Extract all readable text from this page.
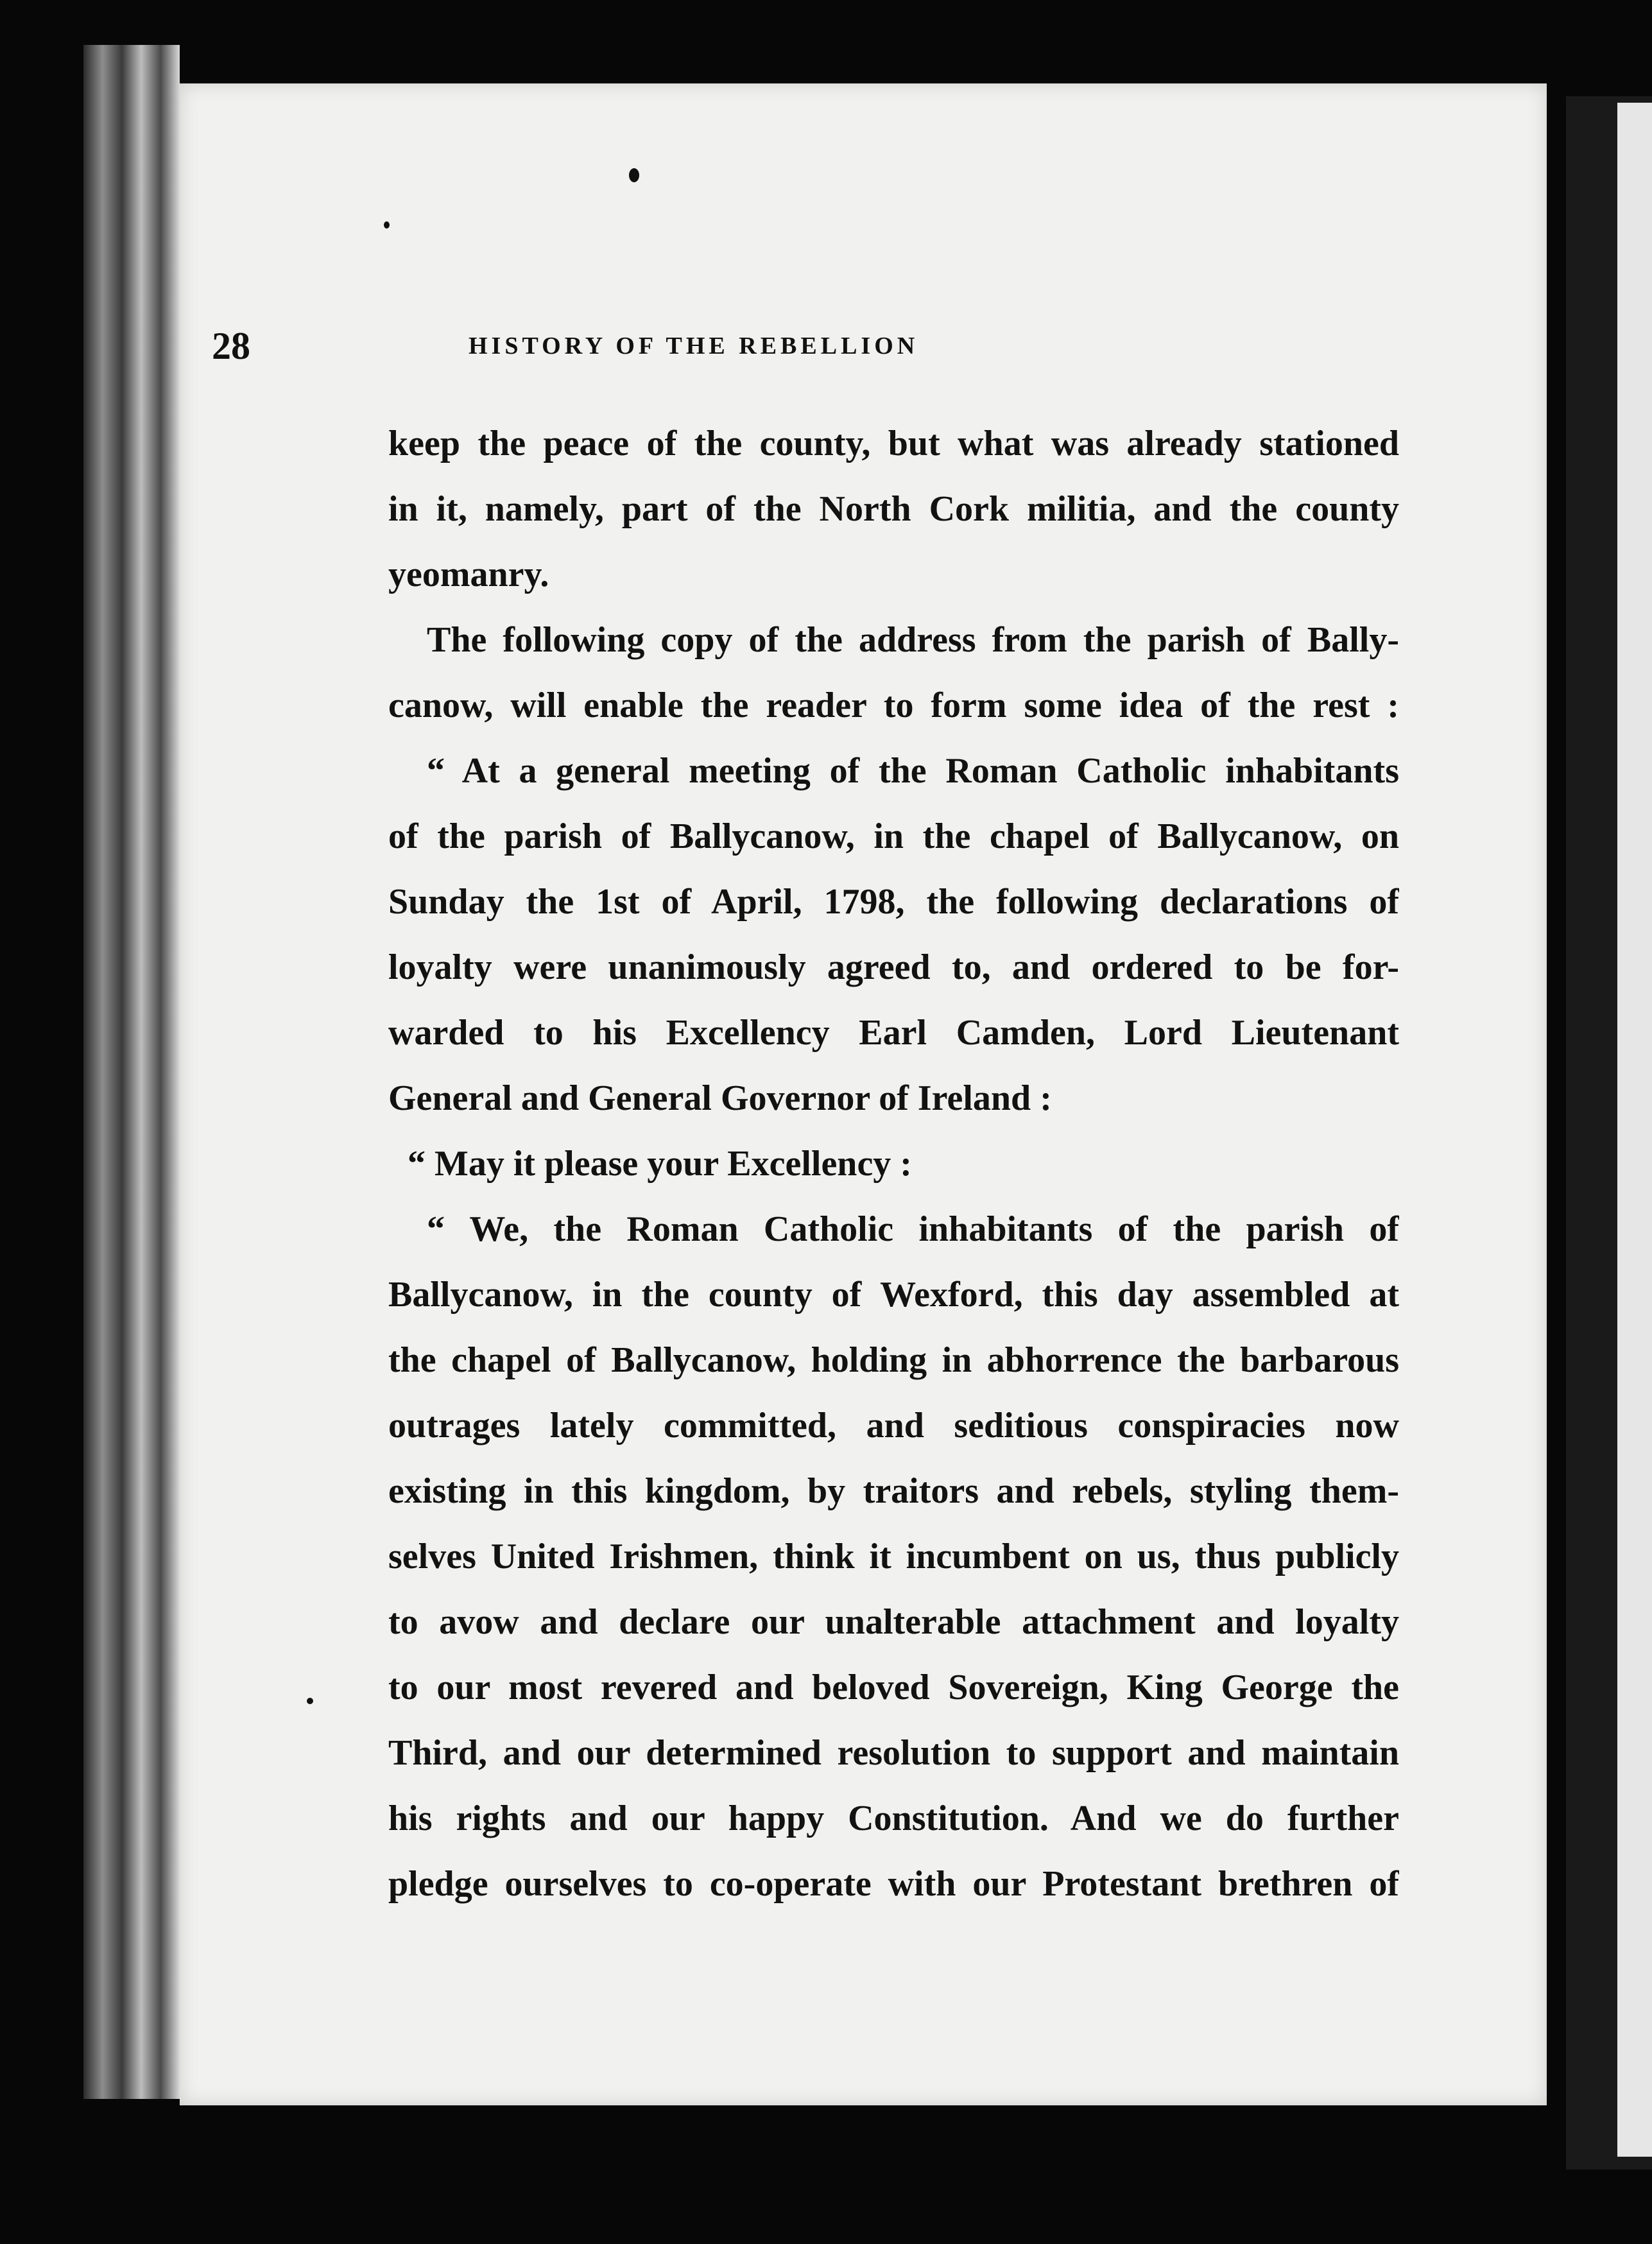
28	HISTORY OF THE REBELLION
keep the peace of the county, but what was already stationed
in it, namely, part of the North Cork militia, and the county
yeomanry.
The following copy of the address from the parish of Bally-
canow, will enable the reader to form some idea of the rest :
“ At a general meeting of the Roman Catholic inhabitants
of the parish of Ballycanow, in the chapel of Ballycanow, on
Sunday the 1st of April, 1798, the following declarations of
loyalty were unanimously agreed to, and ordered to be for-
warded to his Excellency Earl Camden, Lord Lieutenant
General and General Governor of Ireland :
“ May it please your Excellency :
“ We, the Roman Catholic inhabitants of the parish of
Ballycanow, in the county of Wexford, this day assembled at
the chapel of Ballycanow, holding in abhorrence the barbarous
outrages lately committed, and seditious conspiracies now
existing in this kingdom, by traitors and rebels, styling them-
selves United Irishmen, think it incumbent on us, thus publicly
to avow and declare our unalterable attachment and loyalty
to our most revered and beloved Sovereign, King George the
Third, and our determined resolution to support and maintain
his rights and our happy Constitution. And we do further
pledge ourselves to co-operate with our Protestant brethren of
